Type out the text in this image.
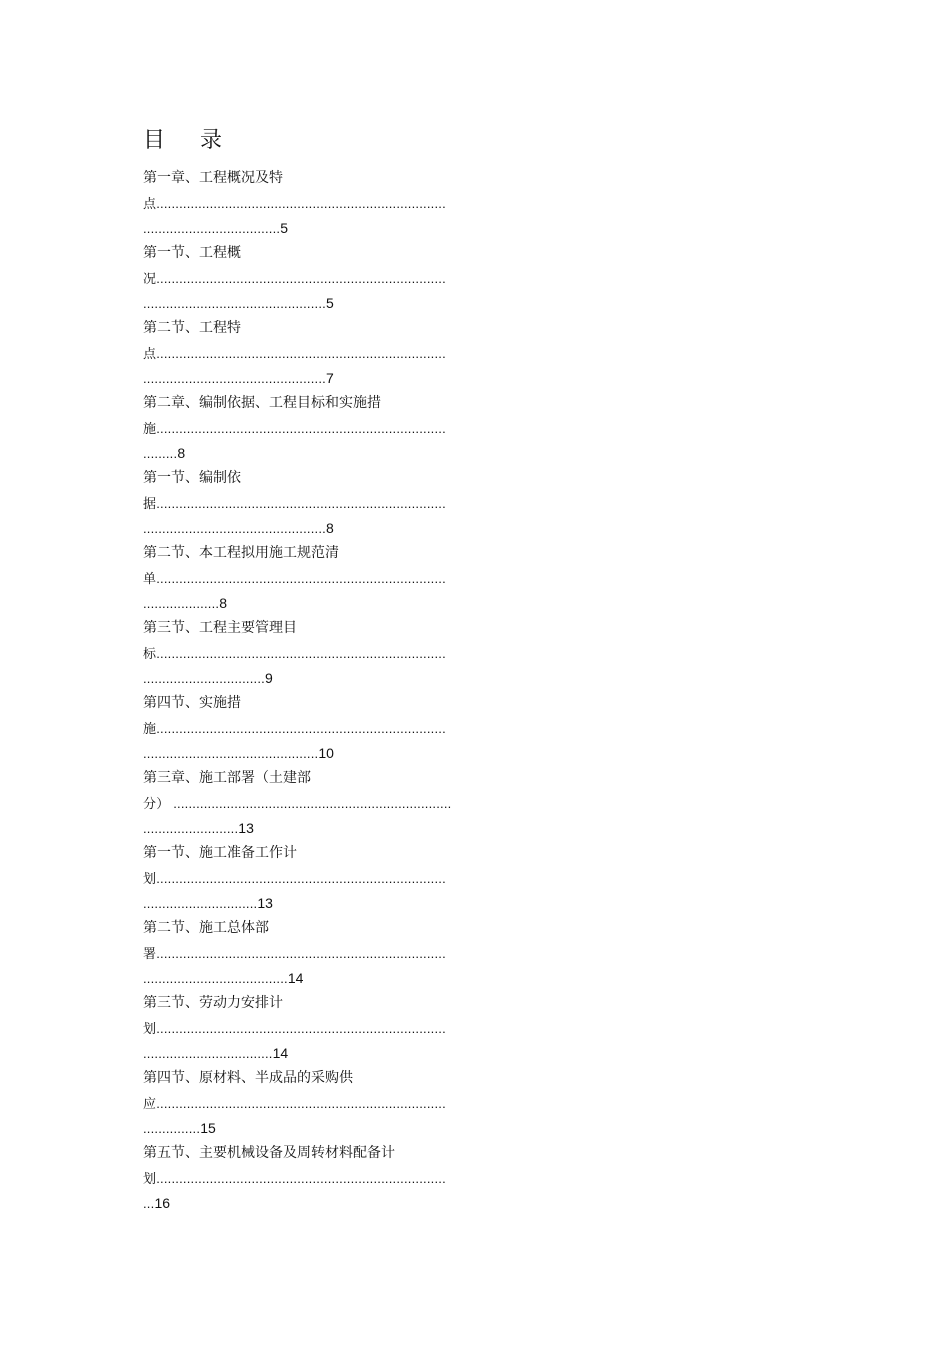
目 录
第一章、工程概况及特
点............................................................................
....................................5
第一节、工程概
况............................................................................
................................................5
第二节、工程特
点............................................................................
................................................7
第二章、编制依据、工程目标和实施措
施............................................................................
.........8
第一节、编制依
据............................................................................
................................................8
第二节、本工程拟用施工规范清
单............................................................................
....................8
第三节、工程主要管理目
标............................................................................
................................9
第四节、实施措
施............................................................................
..............................................10
第三章、施工部署（土建部
分） .........................................................................
.........................13
第一节、施工准备工作计
划............................................................................
..............................13
第二节、施工总体部
署............................................................................
......................................14
第三节、劳动力安排计
划............................................................................
..................................14
第四节、原材料、半成品的采购供
应............................................................................
...............15
第五节、主要机械设备及周转材料配备计
划............................................................................
...16
